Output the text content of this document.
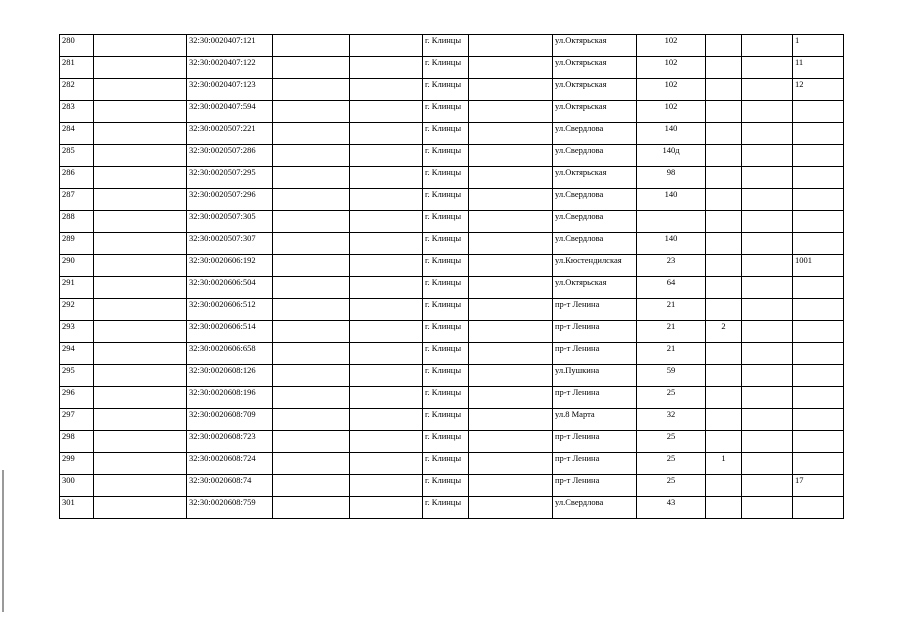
280		32:30:0020407:121			г. Клинцы		ул.Октярьская	102			1
281		32:30:0020407:122			г. Клинцы		ул.Октярьская	102			11
282		32:30:0020407:123			г. Клинцы		ул.Октярьская	102			12
283		32:30:0020407:594			г. Клинцы		ул.Октярьская	102			
284		32:30:0020507:221			г. Клинцы		ул.Свердлова	140			
285		32:30:0020507:286			г. Клинцы		ул.Свердлова	140д			
286		32:30:0020507:295			г. Клинцы		ул.Октярьская	98			
287		32:30:0020507:296			г. Клинцы		ул.Свердлова	140			
288		32:30:0020507:305			г. Клинцы		ул.Свердлова				
289		32:30:0020507:307			г. Клинцы		ул.Свердлова	140			
290		32:30:0020606:192			г. Клинцы		ул.Кюстендилская	23			1001
291		32:30:0020606:504			г. Клинцы		ул.Октярьская	64			
292		32:30:0020606:512			г. Клинцы		пр-т Ленина	21			
293		32:30:0020606:514			г. Клинцы		пр-т Ленина	21	2		
294		32:30:0020606:658			г. Клинцы		пр-т Ленина	21			
295		32:30:0020608:126			г. Клинцы		ул.Пушкина	59			
296		32:30:0020608:196			г. Клинцы		пр-т Ленина	25			
297		32:30:0020608:709			г. Клинцы		ул.8 Марта	32			
298		32:30:0020608:723			г. Клинцы		пр-т Ленина	25			
299		32:30:0020608:724			г. Клинцы		пр-т Ленина	25	1		
300		32:30:0020608:74			г. Клинцы		пр-т Ленина	25			17
301		32:30:0020608:759			г. Клинцы		ул.Свердлова	43			
